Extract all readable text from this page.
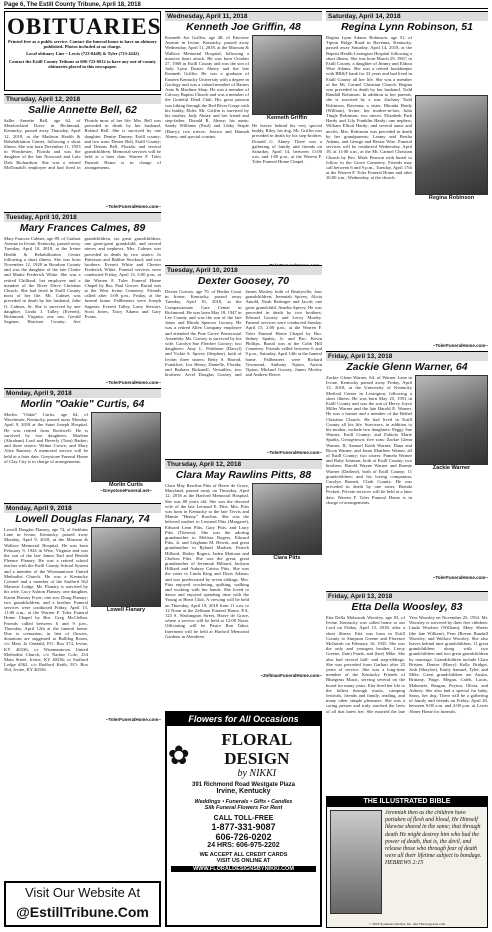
Page 6, The Estill County Tribune, April 18, 2018
OBITUARIES
Printed free as a public service. Contact the funeral home to have an obituary published. Photos included at no charge.
Local obituary Line ~ Lewis (723-8448) & Tyler (723-4242)
Contact the Estill County Tribune at 606-723-6012 to have any out-of-county obituaries placed in this newspaper.
Thursday, April 12, 2018
Sallie Annette Bell, 62
Sallie Annette Bell, age 62, of Meadowland Drive in Richmond, Kentucky, passed away Thursday, April 12, 2018, at the Madison Health & Rehabilitation Center, following a short illness. She was born December 11, 1955 in Winchester, Florida and was the daughter of the late Norwood and Lula Dale Richardson. She was a retired McDonald's employee and had lived in Florida most of her life. Mrs. Bell was preceded in death by her husband, Roland Bell. She is survived by one daughter, Denise Dumey; Estill county; and two sons: Dexter Bell, Estill County; and Dennis Bell, Florida; and several grandchildren. Memorial services will be held at a later date. Warren F. Toler Funeral Home is in charge of arrangements.
~TolerFuneralHome.com~
Tuesday, April 10, 2018
Mary Frances Calmes, 89
Mary Frances Calmes, age 89, of Garhart Avenue in Irvine, Kentucky, passed away Tuesday, April 10, 2018, at the Irvine Health & Rehabilitation Center following a short illness. She was born November 12, 1928 in Bourbon County and was the daughter of the late Clarke and Mattie Frederick White. She was a retired Chilliard, hat employee and a member of the River Drive Christian Church. She had lived in Estill County most of her life. Mr. Calmes was preceded in death by her husband, John O. Calmes, Sr. She is survived by one daughter, Linda J. Talley (Everett), Richmond, Virginia; one son, Gerald Sagener, Harrison County; five grandchildren, six great grandchildren, one great-great grandchild, and several nieces and nephews. Mrs. Calmes was preceded in death by two sisters: Jo Patterson and Bobbie Stockard; and two brothers: Everett White and Chester Frederick White. Funeral services were conducted Friday, April 13, 3:00 p.m., at the Warren F. Toler Funeral Home Chapel by Bro. Paul Grover. Burial was at the West Irvine Cemetery. Friends called after 1:00 p.m., Friday, at the funeral home. Pallbearers were Joseph Sagener, Everett Talley, Larry Stewart, Scott Jones, Tracy Adams and Gary Evans.
~TolerFuneralHome.com~
Monday, April 9, 2018
Morlin "Oakie" Curtis, 64
Morlin "Oakie" Curtis, age 64, of Winchester, Kentucky, passed away Monday, April 9, 2018 at the Saint Joseph Hospital. He was retired from Rockwell. He is survived by two daughters: Marlene (Abraham) Lord and Beverly (Tom) Barker; and three sisters: Wilma Crowe; and Mary Alice Ramsey. A memorial service will be held at a later date. Greystone Funeral Home of Clay City is in charge of arrangements.
Morlin Curtis
~GreystoneFuneral.net~
Monday, April 9, 2018
Lowell Douglas Flanary, 74
Lowell Douglas Flanary, age 74, of Stebbins Lane in Irvine, Kentucky, passed away Monday, April 9, 2018, at the Marcum & Wallace Memorial Hospital. He was born February 9, 1944 in Wise, Virginia and was the son of the late James Earl and Beulah Fleenor Flanary. He was a retired school teacher with the Estill County School System and a member of the Wisemantown United Methodist Church. He was a Kentucky Colonel and a member of the Stafford 562 Masonic Lodge. Mr. Flanary is survived by his wife, Lucy Ashton Flanary; one daughter, Karen Flanary Fryer; one son, Doug Flanary; two grandchildren; and a brother. Funeral services were conducted Friday, April 13, 11:00 a.m., at the Warren F. Toler Funeral Home Chapel by Bro. Greg McClellan. Friends called between 6 and 9 p.m., Thursday, April 12th at the funeral home. Due to cremation, in lieu of flowers, donations are suggested to Bulldog Room, c/o Mary Jo Omdahl, P.O. Box 374, Irvine, KY 40336; or Wisemantown United Methodist Church, c/o Nadine Cole, 254 Main Street, Irvine, KY 40336; or Stafford Lodge #562, c/o Radford Keith, P.O. Box 564, Irvine, KY 40336.
Lowell Flanary
~TolerFuneralHome.com~
Visit Our Website At
@EstillTribune.Com
Wednesday, April 11, 2018
Kenneth Joe Griffin, 48
Kenneth Joe Griffin, age 48, of Fairview Avenue in Irvine, Kentucky, passed away Wednesday, April 11, 2018, at the Marcum & Wallace Memorial Hospital, following a massive heart attack. He was born October 27, 1969 in Estill County and was the son of Judy Lynn Dozier Abney and the late Kenneth Griffin. He was a graduate of Eastern Kentucky University with a degree in Geology and was a valued member of Barnes Auto & Machine Shop. He was a member of Calvary Baptist Church and was a member of the Grateful Dead Club. His great passion was hiking through the Red River Gorge with his buddy, Elder. Mr. Griffin is survived by his mother, Judy Abney and her friend and step-father, Donald R. Abney; his aunts: Sandy Williams (Paul) and Libby Staple (Harry); two nieces: Jessica and Hannah Abney; and special cousins.
Kenneth Griffin
He leaves behind his very special buddy, Riley, his dog. Mr. Griffin was preceded in death by his step-brother, Donald G. Abney. There was a gathering of family and friends on Saturday, April 14, between 11:00 a.m. and 1:00 p.m., at the Warren F. Toler Funeral Home Chapel.
Tuesday, April 10, 2018
Dexter Goosey, 70
Dexter Goosey, age 70, of Bertha Court in Irvine, Kentucky, passed away Tuesday, April 10, 2018, at the Compassionate Care Center in Richmond. He was born May 18, 1947 in Lee County and was the son of the late Jones and Rhoda Spencer Goosey. He was a retired Allen Company employee and attended the Pine Grove Pentecostal Assembly. Mr. Goosey is survived by his wife, Carolyn Sue Fletcher Goosey; two daughters: Amy L. Pettibone (Darryl) and Vickie S. Spivey (Stephen), both of Irvine; three sisters: Betty S. Harrod, Frankfort; Lea Henry, Danielle, Florida; and Barbara Bickmell, Versailles; two brothers: Arvel Douglas Goosey and James Mosley, both of Beattyville; four grandchildren; Jeremiah Spivey, Alicia Amold, Noah Rettinger and Jacob; one great grandchild, Amelia Spivey. He was preceded in death by two brothers: Edward Goosey and Leroy Mosley. Funeral services were conducted Sunday, April 15, 2:00 p.m., at the Warren F. Toler Funeral Home Chapel by Bro. Sidney Spahts, Jr. and Bro. Kevin Phillips. Burial was at the Cobb Hill Cemetery. Friends called between 6 and 9 p.m., Saturday, April 14th at the funeral home. Pallbearers were Richard Townsend, Anthony Tipton, Austin Tipton, Michael Goosey, James Mosley and Andrew Reece.
~TolerFuneralHome.com~
Thursday, April 12, 2018
Clara May Rawlins Pitts, 88
Clara May Rawlins Pitts of Havre de Grace, Maryland, passed away on Thursday, April 12, 2018 at the Harford Memorial Hospital. She was 88 years old. She was the devoted wife of the late Leonard E. Pitts. Mrs. Pitts was born in Kentucky to the late Tivvis and Mamie "Henny" Rawlins. She was the beloved mother to Leonard Pitts (Margaret), Edward Leon Pitts, Gary Pitts, and Larry Pitts (Theresa). She was the adoring grandmother to Melissa Rogers, Edward Pitts, Jr. and Leighann M. Hewitt, and great grandmother to Ryland Madsen, Patrick Hilliard, Hailey Rogers, Jaden Mattoon and Chelsea Pitts. She was the great, great grandmother of Jeremiah Hilliard, Jackson Hilliard and Aubrey Catriss Pitts. She was the sister to Linda King and Doris Adams; and was predeceased by seven siblings. Mrs. Pitts enjoyed crocheting, quilting, walking and working with her hands. She loved to dance and enjoyed spending time with the Young at Heart Club. A viewing will be held on Thursday, April 19, 2018 from 11 a.m. to 12 Noon at the Zellman Funeral Home, P.A. 123 S. Washington Street, Havre de Grace, where a service will be held at 12:00 Noon. Officiating will be Pastor Ron Tabor. Interment will be held at Harford Memorial Gardens in Aberdeen.
Clara Pitts
~ZellmanFuneralHome.com~
Flowers for All Occasions
✿	FLORAL DESIGN
by NIKKI
391 Richmond Road Westgate Plaza
Irvine, Kentucky
Weddings • Funerals • Gifts • Candles
Silk Funeral Flowers For Rent
CALL TOLL-FREE
1-877-331-9087
606-726-0202
24 HRS: 606-975-2202
WE ACCEPT ALL CREDIT CARDS
VISIT US ONLINE AT
WWW.FLORALDESIGNSBYNIKKI.COM
Saturday, April 14, 2018
Regina Lynn Robinson, 51
Regina Lynn Adams Robinson, age 51, of Tipton Ridge Road in Ravenna, Kentucky, passed away Saturday, April 14, 2018, at the Baptist Health Lexington Hospital following a short illness. She was born March 29, 1967, in Estill County, a daughter of Jimmy and Eldora Wise Adams. She was a retired bookkeeper with BB&T bank for 33 years and had lived in Estill County all her life. She was a member of the Mt. Carmel Christian Church. Regina was preceded in death by her husband, Todd Randall Robinson. In addition to her parents, she is survived by a son, Zachary Todd Robinson, Ravenna; a sister, Rhonda Hardy (William), Irvine; her mother-in-law, Julia Tingle Robinson; two nieces: Elizabeth Park Hardy and Lily Franklin Hardy; one nephew, William Elliott Hardy; and several aunts and uncles. Mrs. Robinson was preceded in death by her grandparents: Leamy and Bertha Adams, and George and Bessie Wise. Funeral services will be conducted Wednesday, April 18, at 11:00 a.m., at the Mt. Carmel Christian Church by Bro. Mark Pearson with burial to follow in the Grove Cemetery. Friends may call between 6 and 9 p.m., Tuesday, April 17th at the Warren F. Toler Funeral Home and after 10:00 a.m., Wednesday, at the church.
Regina Robinson
~TolerFuneralHome.com~
Friday, April 13, 2018
Zackie Glenn Warner, 64
Zackie Glenn Warner, 64, of Warner Lane in Irvine, Kentucky passed away Friday, April 13, 2018, at the University of Kentucky Medical Center in Lexington, following a short illness. He was born May 25, 1953 in Estill County and was the son of Hervy Joyce Miller Warner and the late Harold E. Warner. He was a farmer and a member of the Bethel Christian Church. He had lived in Estill County all his life. Survivors, in addition to his mother, include two daughters: Peggy Sue Warner, Estill County; and Fabiola Marie Sparks, Georgetown; five sons: Zackie Glenn Warner, II; Samuel Keith Warner, Dana and Ricon Warner, and Jason Matthew Warner, all of Estill County; two sisters: Pamela Warner and Ruby Johnson, both of Estill County; two brothers: Harold Wayne Warner and Ronnie Warner (Darlene), both of Estill County; 11 grandchildren; and his loving companion, Carolyn Barnett, Clark County. He was preceded in death by one sister, Brenda Peckett. Private services will be held at a later date. Warren F. Toler Funeral Home is in charge of arrangements.
Zackie Warner
~TolerFuneralHome.com~
Friday, April 13, 2018
Etta Della Woosley, 83
Etta Della Mohorrah Woosley, age 83, of Irvine, Kentucky was called home to our Lord on Friday, April 13, 2018, after a short illness. Etta was born in Estill County to Simpson Greene and Florence McIntosh on February 16, 1935. She was the only and youngest brother, Leroy Greene, (late) Frank, and (late) Mike. She also had several half- and step-siblings. She was preceded from Garhart after 25 years of service. She was a long-time member of the Kentucky Friends of Bluegrass Music, serving several on the board for many years. Etta lived her life to the fullest through music, camping festivals, friends and family, reading, and many other simple pleasures. She was a caring person and truly touched the lives of all that knew her. She married the late Vess Woosley on November 25, 1954. Mr. Woosley is survived by their five children: Linda Woolsey (William), Mary Sheets (the late William), Fern (Roven Randall Woosley, and Wallace Woosley. She also leaves behind nine grandchildren, 11 great grandchildren along with two grandchildren and two great grandchildren by marriage. Grandchildren include Clara Bristen, Denise (Harry) Kelly Bridget, Josh (Shaylon), Emily Samuel, Tyler, and Mike. Great grandchildren are Austin, Brittany, Paige, Megan, Caleb, Lucas, Makenzie, Reagan, Peyton, Olivia, and Aubrey. She also had a special fur baby, Sassy, her dog. There will be a gathering of family and friends on Friday, April 20, between 9:00 a.m. and 4:00 p.m. at Lewis Abner Home for funerals.
THE ILLUSTRATED BIBLE
Jeremiah then as the children have partaken of flesh and blood, He Himself likewise shared in the same; that through death He might destroy him who had the power of death, that is, the devil, and release those who through fear of death were all their lifetime subject to bondage. HEBREWS 2:15
© 2018 Synthesis Studios, Inc. and TheologyArts.com
